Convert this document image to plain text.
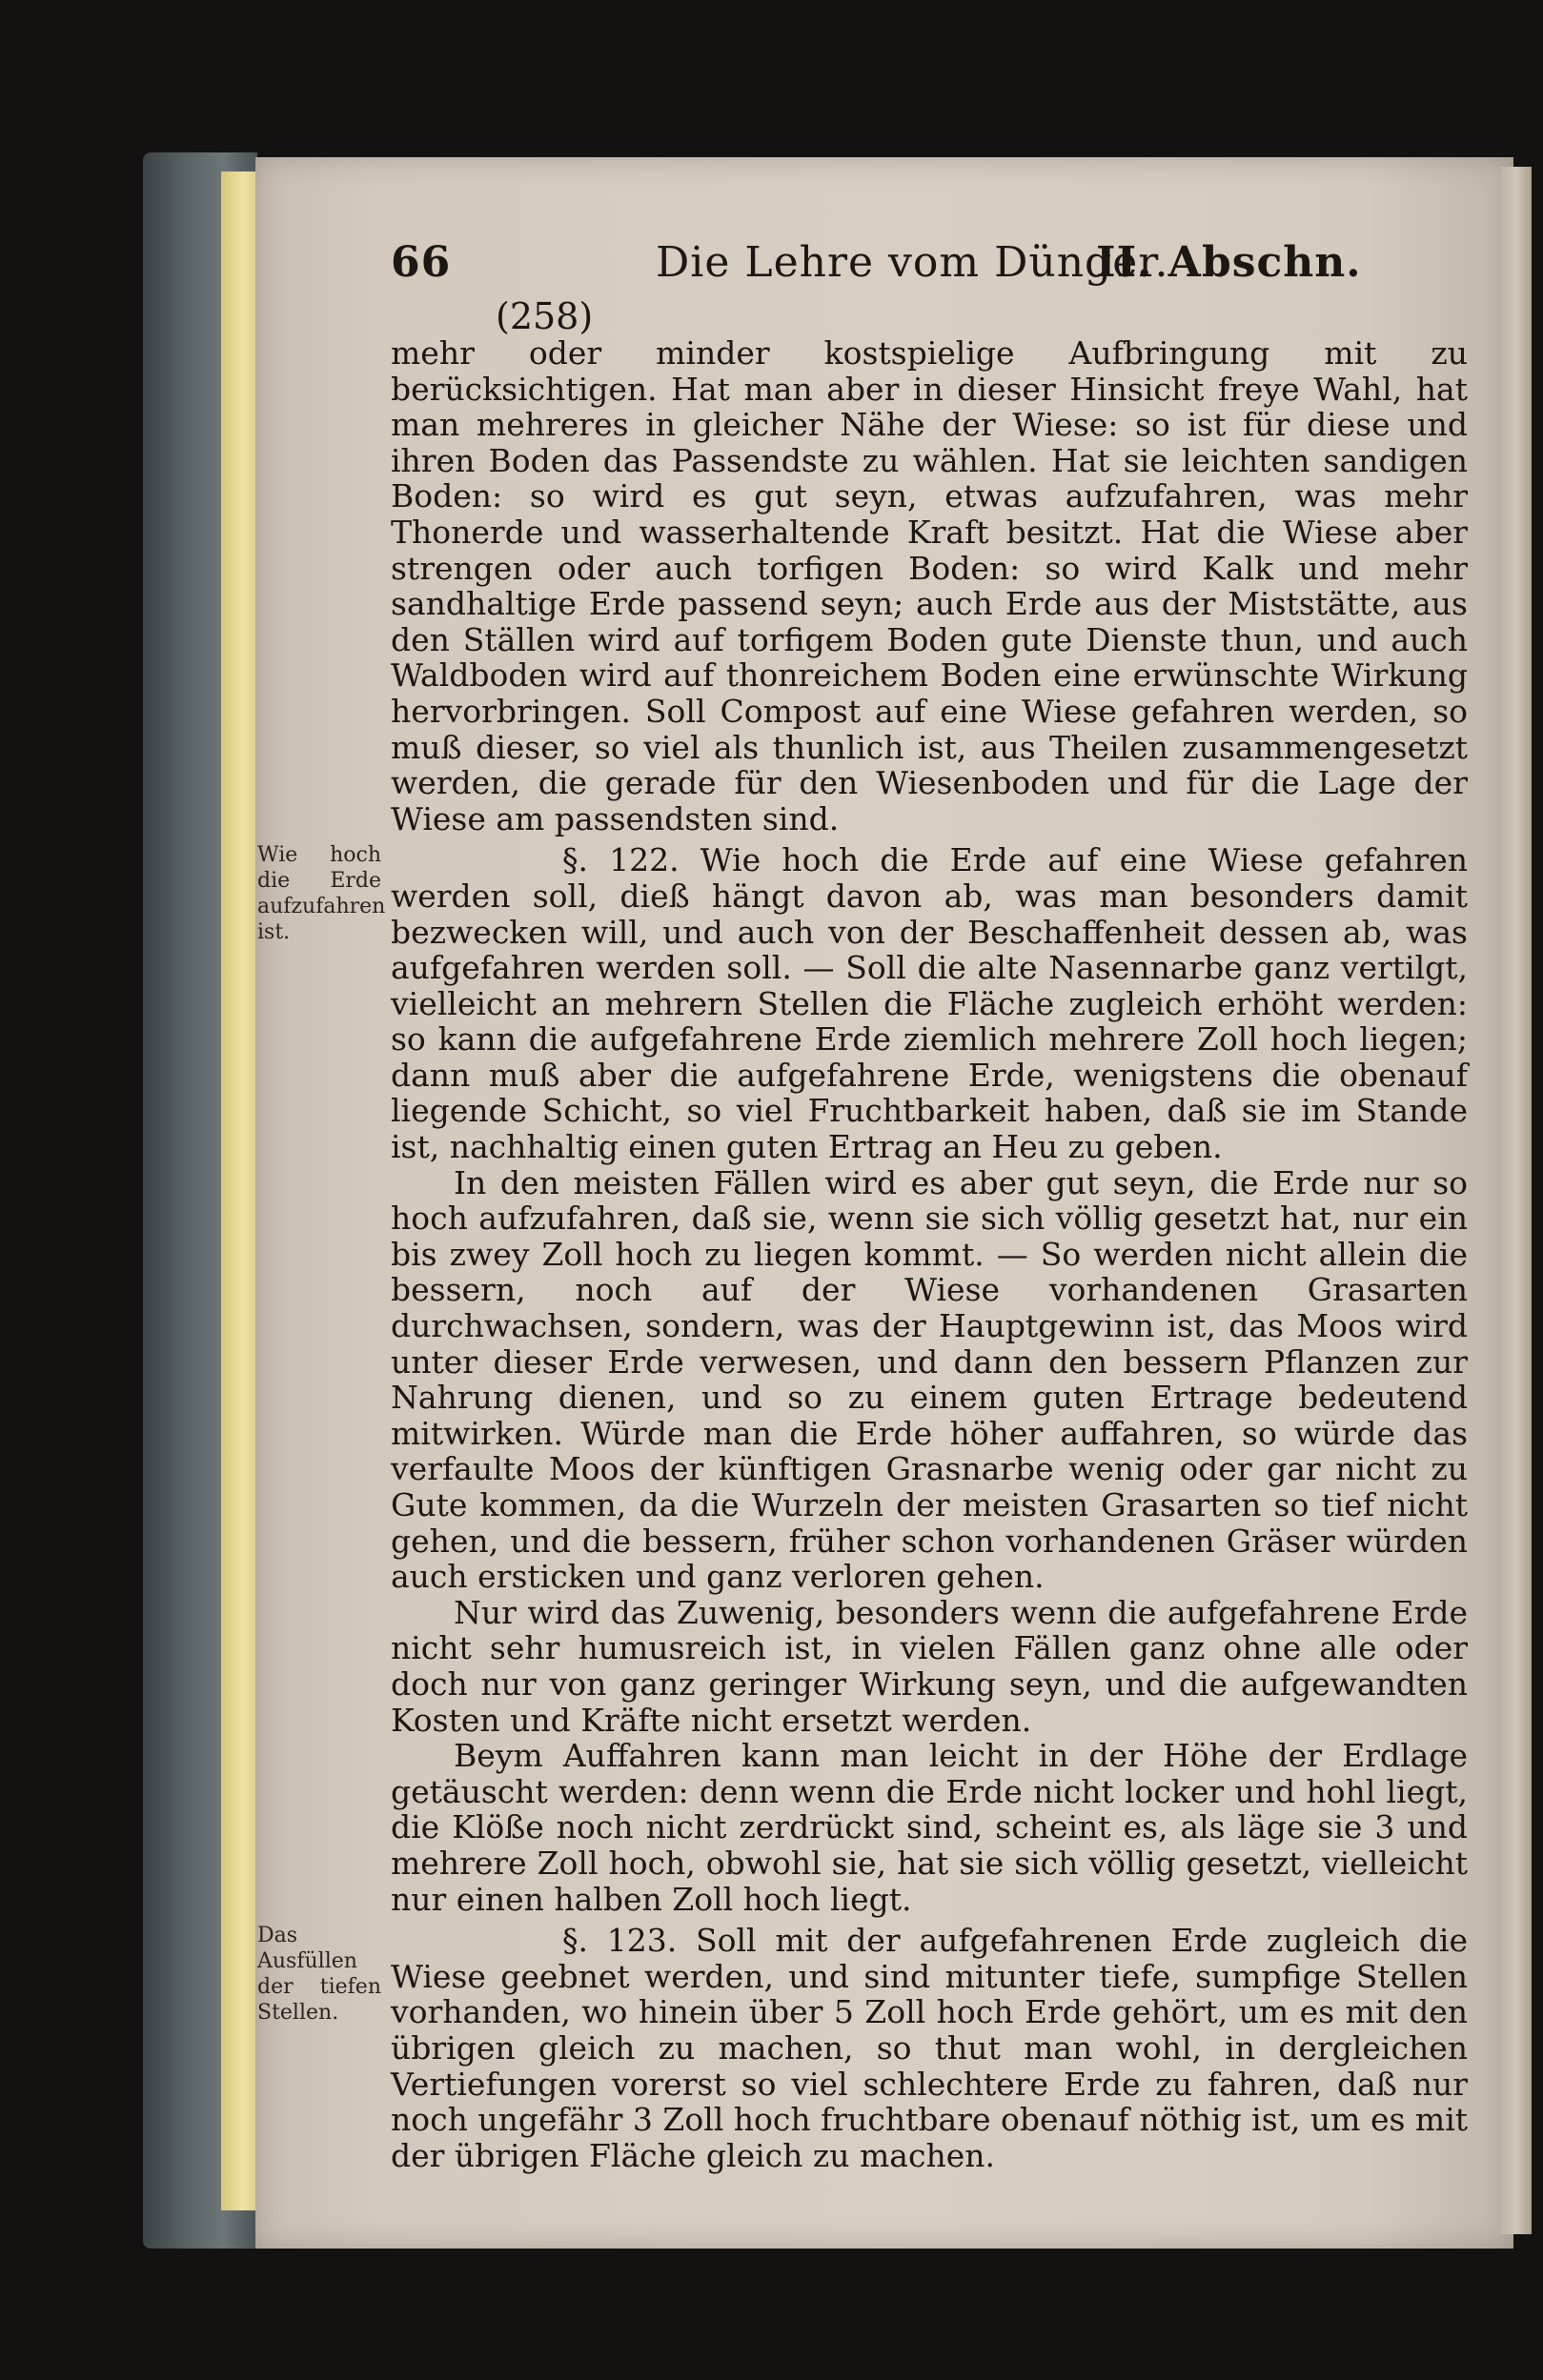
66	Die Lehre vom Dünger.
II. Abschn.
(258)

mehr oder minder kostspielige Aufbringung mit zu berücksichtigen. Hat man aber in dieser Hinsicht freye Wahl, hat man mehreres in gleicher Nähe der Wiese: so ist für diese und ihren Boden das Passendste zu wählen. Hat sie leichten sandigen Boden: so wird es gut seyn, etwas aufzufahren, was mehr Thonerde und wasserhaltende Kraft besitzt. Hat die Wiese aber strengen oder auch torfigen Boden: so wird Kalk und mehr sandhaltige Erde passend seyn; auch Erde aus der Miststätte, aus den Ställen wird auf torfigem Boden gute Dienste thun, und auch Waldboden wird auf thonreichem Boden eine erwünschte Wirkung hervorbringen. Soll Compost auf eine Wiese gefahren werden, so muß dieser, so viel als thunlich ist, aus Theilen zusammengesetzt werden, die gerade für den Wiesenboden und für die Lage der Wiese am passendsten sind.

Wie hoch die Erde aufzufahren ist.

§. 122. Wie hoch die Erde auf eine Wiese gefahren werden soll, dieß hängt davon ab, was man besonders damit bezwecken will, und auch von der Beschaffenheit dessen ab, was aufgefahren werden soll. — Soll die alte Nasennarbe ganz vertilgt, vielleicht an mehrern Stellen die Fläche zugleich erhöht werden: so kann die aufgefahrene Erde ziemlich mehrere Zoll hoch liegen; dann muß aber die aufgefahrene Erde, wenigstens die obenauf liegende Schicht, so viel Fruchtbarkeit haben, daß sie im Stande ist, nachhaltig einen guten Ertrag an Heu zu geben.

In den meisten Fällen wird es aber gut seyn, die Erde nur so hoch aufzufahren, daß sie, wenn sie sich völlig gesetzt hat, nur ein bis zwey Zoll hoch zu liegen kommt. — So werden nicht allein die bessern, noch auf der Wiese vorhandenen Grasarten durchwachsen, sondern, was der Hauptgewinn ist, das Moos wird unter dieser Erde verwesen, und dann den bessern Pflanzen zur Nahrung dienen, und so zu einem guten Ertrage bedeutend mitwirken. Würde man die Erde höher auffahren, so würde das verfaulte Moos der künftigen Grasnarbe wenig oder gar nicht zu Gute kommen, da die Wurzeln der meisten Grasarten so tief nicht gehen, und die bessern, früher schon vorhandenen Gräser würden auch ersticken und ganz verloren gehen.

Nur wird das Zuwenig, besonders wenn die aufgefahrene Erde nicht sehr humusreich ist, in vielen Fällen ganz ohne alle oder doch nur von ganz geringer Wirkung seyn, und die aufgewandten Kosten und Kräfte nicht ersetzt werden.

Beym Auffahren kann man leicht in der Höhe der Erdlage getäuscht werden: denn wenn die Erde nicht locker und hohl liegt, die Klöße noch nicht zerdrückt sind, scheint es, als läge sie 3 und mehrere Zoll hoch, obwohl sie, hat sie sich völlig gesetzt, vielleicht nur einen halben Zoll hoch liegt.

Das Ausfüllen der tiefen Stellen.

§. 123. Soll mit der aufgefahrenen Erde zugleich die Wiese geebnet werden, und sind mitunter tiefe, sumpfige Stellen vorhanden, wo hinein über 5 Zoll hoch Erde gehört, um es mit den übrigen gleich zu machen, so thut man wohl, in dergleichen Vertiefungen vorerst so viel schlechtere Erde zu fahren, daß nur noch ungefähr 3 Zoll hoch fruchtbare obenauf nöthig ist, um es mit der übrigen Fläche gleich zu machen.
